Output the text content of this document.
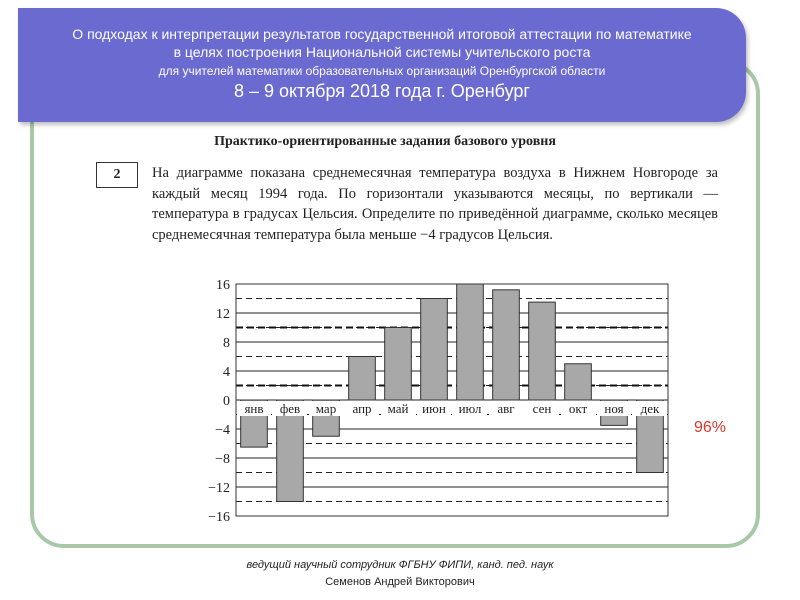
О подходах к интерпретации результатов государственной итоговой аттестации по математике
в целях построения Национальной системы учительского роста
для учителей математики образовательных организаций Оренбургской области
8 – 9 октября 2018 года г. Оренбург
Практико-ориентированные задания базового уровня
2	На диаграмме показана среднемесячная температура воздуха в Нижнем Новгороде за каждый месяц 1994 года. По горизонтали указываются месяцы, по вертикали — температура в градусах Цельсия. Определите по приведённой диаграмме, сколько месяцев среднемесячная температура была меньше −4 градусов Цельсия.
янв фев мар апр май июн июл авг сен окт ноя дек
16
12
8
4
0
−4
−8
−12
−16
96%
ведущий научный сотрудник ФГБНУ ФИПИ, канд. пед. наук
Семенов Андрей Викторович
